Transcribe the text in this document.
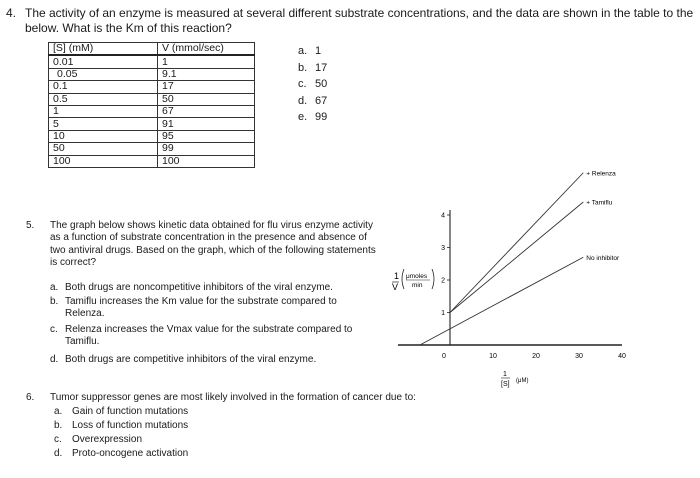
4. The activity of an enzyme is measured at several different substrate concentrations, and the data are shown in the table to the below. What is the Km of this reaction?
[S] (mM)	V (mmol/sec)
0.01	1
0.05	9.1
0.1	17
0.5	50
1	67
5	91
10	95
50	99
100	100
a. 1
b. 17
c. 50
d. 67
e. 99
5. The graph below shows kinetic data obtained for flu virus enzyme activity as a function of substrate concentration in the presence and absence of two antiviral drugs. Based on the graph, which of the following statements is correct?
a. Both drugs are noncompetitive inhibitors of the viral enzyme.
b. Tamiflu increases the Km value for the substrate compared to Relenza.
c. Relenza increases the Vmax value for the substrate compared to Tamiflu.
d. Both drugs are competitive inhibitors of the viral enzyme.
+ Relenza
+ Tamiflu
No inhibitor
0	10	20	30	40
1
2
3
4
1
V
μmoles
min
1
[S] (μM)
6. Tumor suppressor genes are most likely involved in the formation of cancer due to:
a. Gain of function mutations
b. Loss of function mutations
c. Overexpression
d. Proto-oncogene activation
